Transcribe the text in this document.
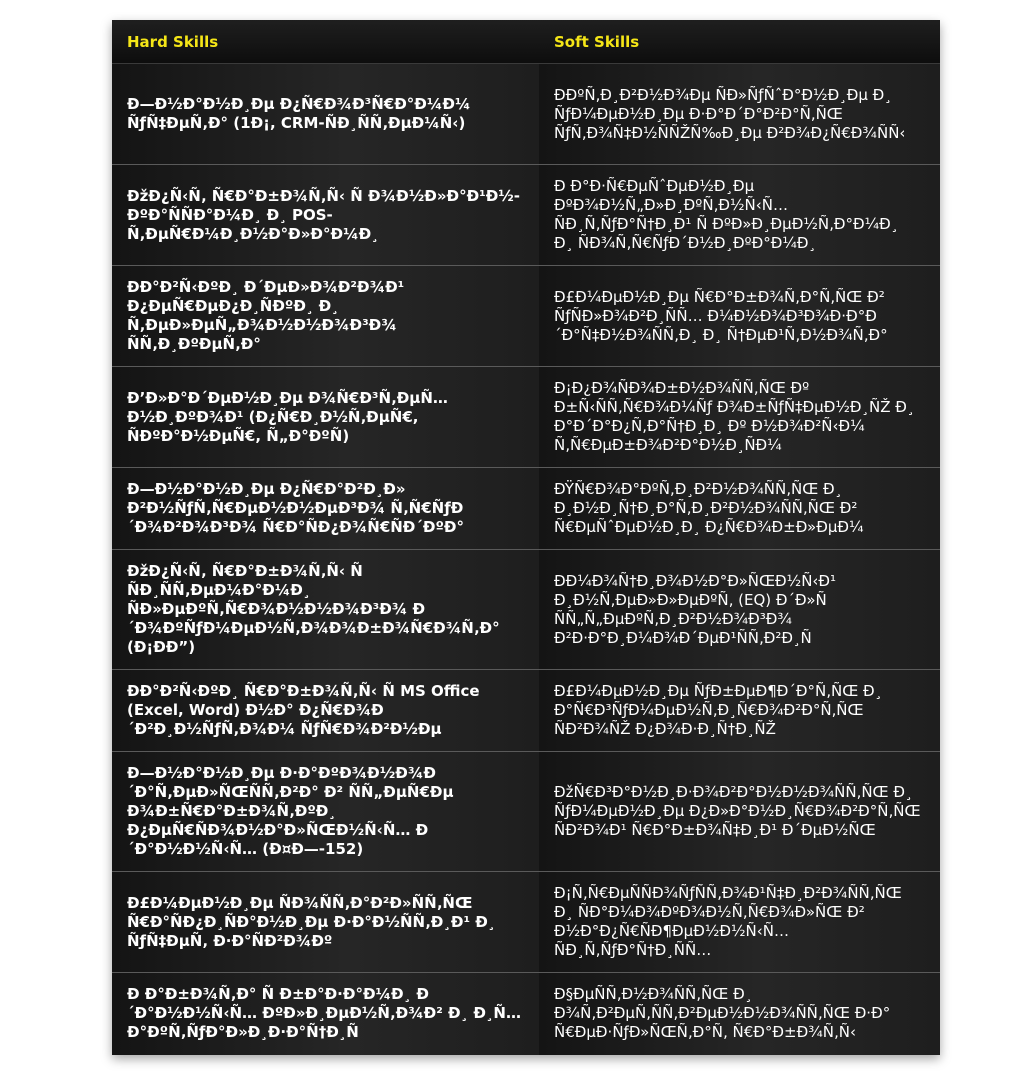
Hard Skills	Soft Skills
Ð—Ð½Ð°Ð½Ð¸Ðµ Ð¿Ñ€Ð¾Ð³Ñ€Ð°Ð¼Ð¼ ÑƒÑ‡ÐµÑ‚Ð° (1Ð¡, CRM-ÑÐ¸ÑÑ‚ÐµÐ¼Ñ‹)	ÐÐºÑ‚Ð¸Ð²Ð½Ð¾Ðµ ÑÐ»ÑƒÑˆÐ°Ð½Ð¸Ðµ Ð¸ ÑƒÐ¼ÐµÐ½Ð¸Ðµ Ð·Ð°Ð´Ð°Ð²Ð°Ñ‚ÑŒ ÑƒÑ‚Ð¾Ñ‡Ð½ÑÑŽÑ‰Ð¸Ðµ Ð²Ð¾Ð¿Ñ€Ð¾ÑÑ‹
ÐžÐ¿Ñ‹Ñ‚ Ñ€Ð°Ð±Ð¾Ñ‚Ñ‹ Ñ Ð¾Ð½Ð»Ð°Ð¹Ð½-ÐºÐ°ÑÑÐ°Ð¼Ð¸ Ð¸ POS-Ñ‚ÐµÑ€Ð¼Ð¸Ð½Ð°Ð»Ð°Ð¼Ð¸	Ð Ð°Ð·Ñ€ÐµÑˆÐµÐ½Ð¸Ðµ ÐºÐ¾Ð½Ñ„Ð»Ð¸ÐºÑ‚Ð½Ñ‹Ñ… ÑÐ¸Ñ‚ÑƒÐ°Ñ†Ð¸Ð¹ Ñ ÐºÐ»Ð¸ÐµÐ½Ñ‚Ð°Ð¼Ð¸ Ð¸ ÑÐ¾Ñ‚Ñ€ÑƒÐ´Ð½Ð¸ÐºÐ°Ð¼Ð¸
ÐÐ°Ð²Ñ‹ÐºÐ¸ Ð´ÐµÐ»Ð¾Ð²Ð¾Ð¹ Ð¿ÐµÑ€ÐµÐ¿Ð¸ÑÐºÐ¸ Ð¸ Ñ‚ÐµÐ»ÐµÑ„Ð¾Ð½Ð½Ð¾Ð³Ð¾ ÑÑ‚Ð¸ÐºÐµÑ‚Ð°	Ð£Ð¼ÐµÐ½Ð¸Ðµ Ñ€Ð°Ð±Ð¾Ñ‚Ð°Ñ‚ÑŒ Ð² ÑƒÑÐ»Ð¾Ð²Ð¸ÑÑ… Ð¼Ð½Ð¾Ð³Ð¾Ð·Ð°Ð´Ð°Ñ‡Ð½Ð¾ÑÑ‚Ð¸ Ð¸ Ñ†ÐµÐ¹Ñ‚Ð½Ð¾Ñ‚Ð°
Ð’Ð»Ð°Ð´ÐµÐ½Ð¸Ðµ Ð¾Ñ€Ð³Ñ‚ÐµÑ…Ð½Ð¸ÐºÐ¾Ð¹ (Ð¿Ñ€Ð¸Ð½Ñ‚ÐµÑ€, ÑÐºÐ°Ð½ÐµÑ€, Ñ„Ð°ÐºÑ)	Ð¡Ð¿Ð¾ÑÐ¾Ð±Ð½Ð¾ÑÑ‚ÑŒ Ðº Ð±Ñ‹ÑÑ‚Ñ€Ð¾Ð¼Ñƒ Ð¾Ð±ÑƒÑ‡ÐµÐ½Ð¸ÑŽ Ð¸ Ð°Ð´Ð°Ð¿Ñ‚Ð°Ñ†Ð¸Ð¸ Ðº Ð½Ð¾Ð²Ñ‹Ð¼ Ñ‚Ñ€ÐµÐ±Ð¾Ð²Ð°Ð½Ð¸ÑÐ¼
Ð—Ð½Ð°Ð½Ð¸Ðµ Ð¿Ñ€Ð°Ð²Ð¸Ð» Ð²Ð½ÑƒÑ‚Ñ€ÐµÐ½Ð½ÐµÐ³Ð¾ Ñ‚Ñ€ÑƒÐ´Ð¾Ð²Ð¾Ð³Ð¾ Ñ€Ð°ÑÐ¿Ð¾Ñ€ÑÐ´ÐºÐ°	ÐŸÑ€Ð¾Ð°ÐºÑ‚Ð¸Ð²Ð½Ð¾ÑÑ‚ÑŒ Ð¸ Ð¸Ð½Ð¸Ñ†Ð¸Ð°Ñ‚Ð¸Ð²Ð½Ð¾ÑÑ‚ÑŒ Ð² Ñ€ÐµÑˆÐµÐ½Ð¸Ð¸ Ð¿Ñ€Ð¾Ð±Ð»ÐµÐ¼
ÐžÐ¿Ñ‹Ñ‚ Ñ€Ð°Ð±Ð¾Ñ‚Ñ‹ Ñ ÑÐ¸ÑÑ‚ÐµÐ¼Ð°Ð¼Ð¸ ÑÐ»ÐµÐºÑ‚Ñ€Ð¾Ð½Ð½Ð¾Ð³Ð¾ Ð´Ð¾ÐºÑƒÐ¼ÐµÐ½Ñ‚Ð¾Ð¾Ð±Ð¾Ñ€Ð¾Ñ‚Ð° (Ð¡ÐÐ”)	ÐÐ¼Ð¾Ñ†Ð¸Ð¾Ð½Ð°Ð»ÑŒÐ½Ñ‹Ð¹ Ð¸Ð½Ñ‚ÐµÐ»Ð»ÐµÐºÑ‚ (EQ) Ð´Ð»Ñ ÑÑ„Ñ„ÐµÐºÑ‚Ð¸Ð²Ð½Ð¾Ð³Ð¾ Ð²Ð·Ð°Ð¸Ð¼Ð¾Ð´ÐµÐ¹ÑÑ‚Ð²Ð¸Ñ
ÐÐ°Ð²Ñ‹ÐºÐ¸ Ñ€Ð°Ð±Ð¾Ñ‚Ñ‹ Ñ MS Office (Excel, Word) Ð½Ð° Ð¿Ñ€Ð¾Ð´Ð²Ð¸Ð½ÑƒÑ‚Ð¾Ð¼ ÑƒÑ€Ð¾Ð²Ð½Ðµ	Ð£Ð¼ÐµÐ½Ð¸Ðµ ÑƒÐ±ÐµÐ¶Ð´Ð°Ñ‚ÑŒ Ð¸ Ð°Ñ€Ð³ÑƒÐ¼ÐµÐ½Ñ‚Ð¸Ñ€Ð¾Ð²Ð°Ñ‚ÑŒ ÑÐ²Ð¾ÑŽ Ð¿Ð¾Ð·Ð¸Ñ†Ð¸ÑŽ
Ð—Ð½Ð°Ð½Ð¸Ðµ Ð·Ð°ÐºÐ¾Ð½Ð¾Ð´Ð°Ñ‚ÐµÐ»ÑŒÑÑ‚Ð²Ð° Ð² ÑÑ„ÐµÑ€Ðµ Ð¾Ð±Ñ€Ð°Ð±Ð¾Ñ‚ÐºÐ¸ Ð¿ÐµÑ€ÑÐ¾Ð½Ð°Ð»ÑŒÐ½Ñ‹Ñ… Ð´Ð°Ð½Ð½Ñ‹Ñ… (Ð¤Ð—-152)	ÐžÑ€Ð³Ð°Ð½Ð¸Ð·Ð¾Ð²Ð°Ð½Ð½Ð¾ÑÑ‚ÑŒ Ð¸ ÑƒÐ¼ÐµÐ½Ð¸Ðµ Ð¿Ð»Ð°Ð½Ð¸Ñ€Ð¾Ð²Ð°Ñ‚ÑŒ ÑÐ²Ð¾Ð¹ Ñ€Ð°Ð±Ð¾Ñ‡Ð¸Ð¹ Ð´ÐµÐ½ÑŒ
Ð£Ð¼ÐµÐ½Ð¸Ðµ ÑÐ¾ÑÑ‚Ð°Ð²Ð»ÑÑ‚ÑŒ Ñ€Ð°ÑÐ¿Ð¸ÑÐ°Ð½Ð¸Ðµ Ð·Ð°Ð½ÑÑ‚Ð¸Ð¹ Ð¸ ÑƒÑ‡ÐµÑ‚ Ð·Ð°ÑÐ²Ð¾Ðº	Ð¡Ñ‚Ñ€ÐµÑÑÐ¾ÑƒÑÑ‚Ð¾Ð¹Ñ‡Ð¸Ð²Ð¾ÑÑ‚ÑŒ Ð¸ ÑÐ°Ð¼Ð¾ÐºÐ¾Ð½Ñ‚Ñ€Ð¾Ð»ÑŒ Ð² Ð½Ð°Ð¿Ñ€ÑÐ¶ÐµÐ½Ð½Ñ‹Ñ… ÑÐ¸Ñ‚ÑƒÐ°Ñ†Ð¸ÑÑ…
Ð Ð°Ð±Ð¾Ñ‚Ð° Ñ Ð±Ð°Ð·Ð°Ð¼Ð¸ Ð´Ð°Ð½Ð½Ñ‹Ñ… ÐºÐ»Ð¸ÐµÐ½Ñ‚Ð¾Ð² Ð¸ Ð¸Ñ… Ð°ÐºÑ‚ÑƒÐ°Ð»Ð¸Ð·Ð°Ñ†Ð¸Ñ	Ð§ÐµÑÑ‚Ð½Ð¾ÑÑ‚ÑŒ Ð¸ Ð¾Ñ‚Ð²ÐµÑ‚ÑÑ‚Ð²ÐµÐ½Ð½Ð¾ÑÑ‚ÑŒ Ð·Ð° Ñ€ÐµÐ·ÑƒÐ»ÑŒÑ‚Ð°Ñ‚ Ñ€Ð°Ð±Ð¾Ñ‚Ñ‹
